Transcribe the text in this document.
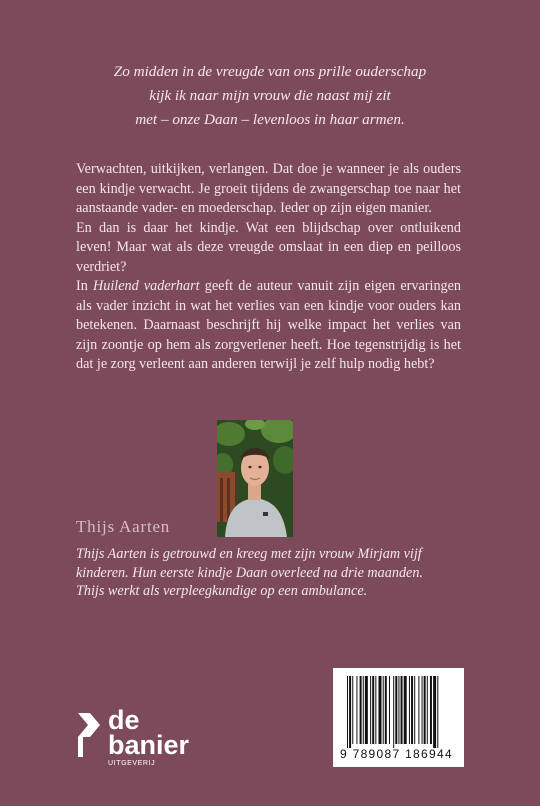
Zo midden in de vreugde van ons prille ouderschap
kijk ik naar mijn vrouw die naast mij zit
met – onze Daan – levenloos in haar armen.

Verwachten, uitkijken, verlangen. Dat doe je wanneer je als ouders een kindje verwacht. Je groeit tijdens de zwangerschap toe naar het aanstaande vader- en moederschap. Ieder op zijn eigen manier.

En dan is daar het kindje. Wat een blijdschap over ontluikend leven! Maar wat als deze vreugde omslaat in een diep en peilloos verdriet?

In Huilend vaderhart geeft de auteur vanuit zijn eigen ervaringen als vader inzicht in wat het verlies van een kindje voor ouders kan betekenen. Daarnaast beschrijft hij welke impact het verlies van zijn zoontje op hem als zorgverlener heeft. Hoe tegenstrijdig is het dat je zorg verleent aan anderen terwijl je zelf hulp nodig hebt?

Thijs Aarten
Thijs Aarten is getrouwd en kreeg met zijn vrouw Mirjam vijf
kinderen. Hun eerste kindje Daan overleed na drie maanden.
Thijs werkt als verpleegkundige op een ambulance.
de
banier
UITGEVERIJ
9 789087 186944
